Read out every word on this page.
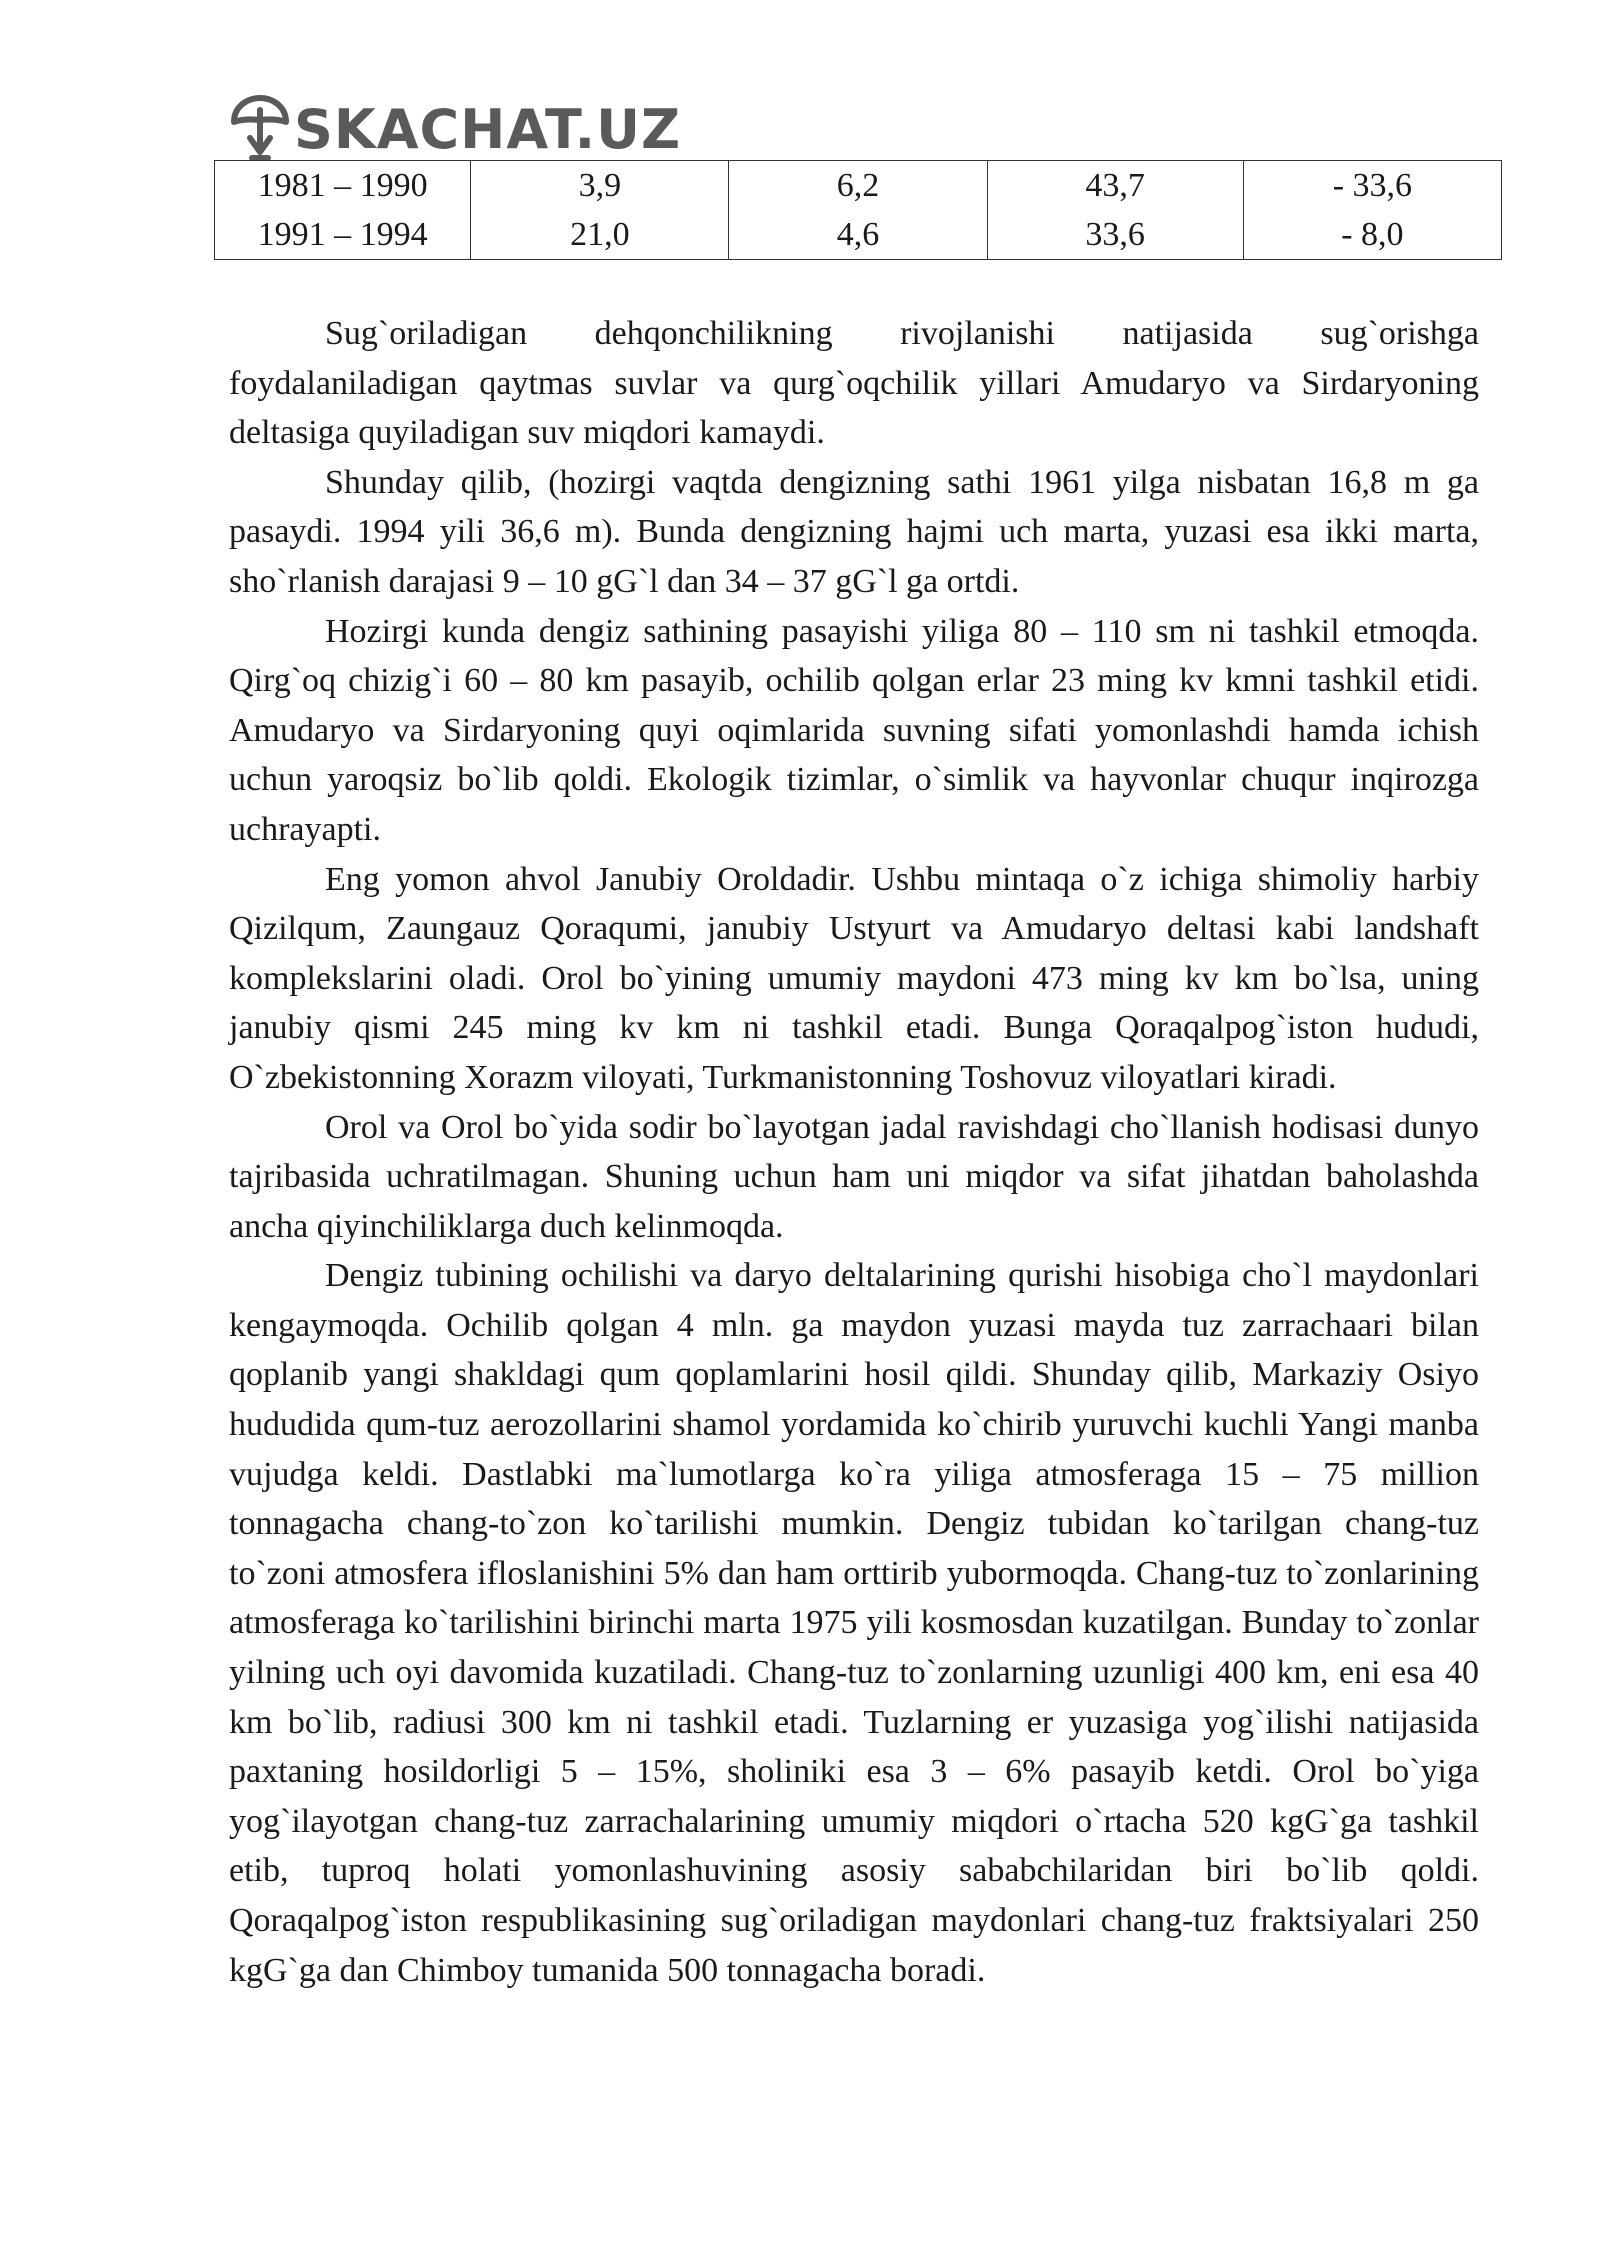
SKACHAT.UZ
1981 – 1990	3,9	6,2	43,7	- 33,6
1991 – 1994	21,0	4,6	33,6	- 8,0

Sug`oriladigan dehqonchilikning rivojlanishi natijasida sug`orishga foydalaniladigan qaytmas suvlar va qurg`oqchilik yillari Amudaryo va Sirdaryoning deltasiga quyiladigan suv miqdori kamaydi.

Shunday qilib, (hozirgi vaqtda dengizning sathi 1961 yilga nisbatan 16,8 m ga pasaydi. 1994 yili 36,6 m). Bunda dengizning hajmi uch marta, yuzasi esa ikki marta, sho`rlanish darajasi 9 – 10 gG`l dan 34 – 37 gG`l ga ortdi.

Hozirgi kunda dengiz sathining pasayishi yiliga 80 – 110 sm ni tashkil etmoqda. Qirg`oq chizig`i 60 – 80 km pasayib, ochilib qolgan erlar 23 ming kv kmni tashkil etidi. Amudaryo va Sirdaryoning quyi oqimlarida suvning sifati yomonlashdi hamda ichish uchun yaroqsiz bo`lib qoldi. Ekologik tizimlar, o`simlik va hayvonlar chuqur inqirozga uchrayapti.

Eng yomon ahvol Janubiy Oroldadir. Ushbu mintaqa o`z ichiga shimoliy harbiy Qizilqum, Zaungauz Qoraqumi, janubiy Ustyurt va Amudaryo deltasi kabi landshaft komplekslarini oladi. Orol bo`yining umumiy maydoni 473 ming kv km bo`lsa, uning janubiy qismi 245 ming kv km ni tashkil etadi. Bunga Qoraqalpog`iston hududi, O`zbekistonning Xorazm viloyati, Turkmanistonning Toshovuz viloyatlari kiradi.

Orol va Orol bo`yida sodir bo`layotgan jadal ravishdagi cho`llanish hodisasi dunyo tajribasida uchratilmagan. Shuning uchun ham uni miqdor va sifat jihatdan baholashda ancha qiyinchiliklarga duch kelinmoqda.

Dengiz tubining ochilishi va daryo deltalarining qurishi hisobiga cho`l maydonlari kengaymoqda. Ochilib qolgan 4 mln. ga maydon yuzasi mayda tuz zarrachaari bilan qoplanib yangi shakldagi qum qoplamlarini hosil qildi. Shunday qilib, Markaziy Osiyo hududida qum-tuz aerozollarini shamol yordamida ko`chirib yuruvchi kuchli Yangi manba vujudga keldi. Dastlabki ma`lumotlarga ko`ra yiliga atmosferaga 15 – 75 million tonnagacha chang-to`zon ko`tarilishi mumkin. Dengiz tubidan ko`tarilgan chang-tuz to`zoni atmosfera ifloslanishini 5% dan ham orttirib yubormoqda. Chang-tuz to`zonlarining atmosferaga ko`tarilishini birinchi marta 1975 yili kosmosdan kuzatilgan. Bunday to`zonlar yilning uch oyi davomida kuzatiladi. Chang-tuz to`zonlarning uzunligi 400 km, eni esa 40 km bo`lib, radiusi 300 km ni tashkil etadi. Tuzlarning er yuzasiga yog`ilishi natijasida paxtaning hosildorligi 5 – 15%, sholiniki esa 3 – 6% pasayib ketdi. Orol bo`yiga yog`ilayotgan chang-tuz zarrachalarining umumiy miqdori o`rtacha 520 kgG`ga tashkil etib, tuproq holati yomonlashuvining asosiy sababchilaridan biri bo`lib qoldi. Qoraqalpog`iston respublikasining sug`oriladigan maydonlari chang-tuz fraktsiyalari 250 kgG`ga dan Chimboy tumanida 500 tonnagacha boradi.
